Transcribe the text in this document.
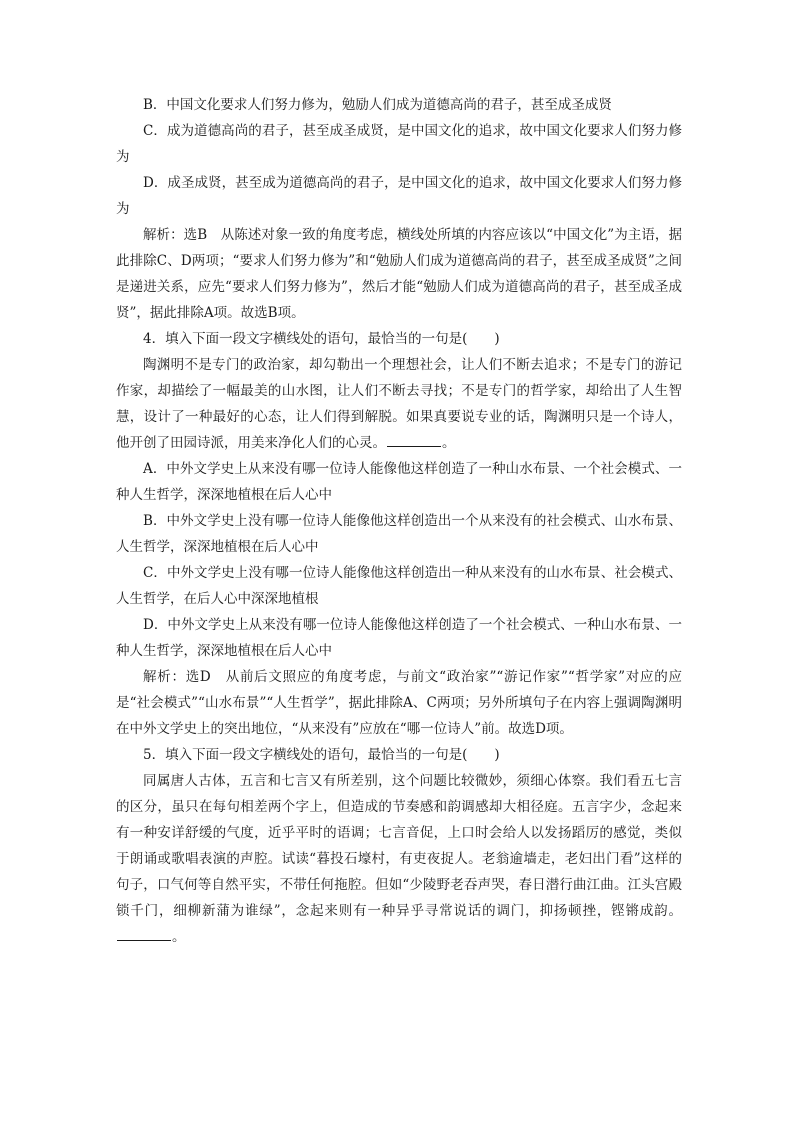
B．中国文化要求人们努力修为，勉励人们成为道德高尚的君子，甚至成圣成贤

C．成为道德高尚的君子，甚至成圣成贤，是中国文化的追求，故中国文化要求人们努力修为

D．成圣成贤，甚至成为道德高尚的君子，是中国文化的追求，故中国文化要求人们努力修为

解析：选B　从陈述对象一致的角度考虑，横线处所填的内容应该以“中国文化”为主语，据此排除C、D两项；“要求人们努力修为”和“勉励人们成为道德高尚的君子，甚至成圣成贤”之间是递进关系，应先“要求人们努力修为”，然后才能“勉励人们成为道德高尚的君子，甚至成圣成贤”，据此排除A项。故选B项。

4．填入下面一段文字横线处的语句，最恰当的一句是(　　)

陶渊明不是专门的政治家，却勾勒出一个理想社会，让人们不断去追求；不是专门的游记作家，却描绘了一幅最美的山水图，让人们不断去寻找；不是专门的哲学家，却给出了人生智慧，设计了一种最好的心态，让人们得到解脱。如果真要说专业的话，陶渊明只是一个诗人，他开创了田园诗派，用美来净化人们的心灵。	。

A．中外文学史上从来没有哪一位诗人能像他这样创造了一种山水布景、一个社会模式、一种人生哲学，深深地植根在后人心中

B．中外文学史上没有哪一位诗人能像他这样创造出一个从来没有的社会模式、山水布景、人生哲学，深深地植根在后人心中

C．中外文学史上没有哪一位诗人能像他这样创造出一种从来没有的山水布景、社会模式、人生哲学，在后人心中深深地植根

D．中外文学史上从来没有哪一位诗人能像他这样创造了一个社会模式、一种山水布景、一种人生哲学，深深地植根在后人心中

解析：选D　从前后文照应的角度考虑，与前文“政治家”“游记作家”“哲学家”对应的应是“社会模式”“山水布景”“人生哲学”，据此排除A、C两项；另外所填句子在内容上强调陶渊明在中外文学史上的突出地位，“从来没有”应放在“哪一位诗人”前。故选D项。

5．填入下面一段文字横线处的语句，最恰当的一句是(　　)

同属唐人古体，五言和七言又有所差别，这个问题比较微妙，须细心体察。我们看五七言的区分，虽只在每句相差两个字上，但造成的节奏感和韵调感却大相径庭。五言字少，念起来有一种安详舒缓的气度，近乎平时的语调；七言音促，上口时会给人以发扬蹈厉的感觉，类似于朗诵或歌唱表演的声腔。试读“暮投石壕村，有吏夜捉人。老翁逾墙走，老妇出门看”这样的句子，口气何等自然平实，不带任何拖腔。但如“少陵野老吞声哭，春日潜行曲江曲。江头宫殿锁千门，细柳新蒲为谁绿”，念起来则有一种异乎寻常说话的调门，抑扬顿挫，铿锵成韵。。
